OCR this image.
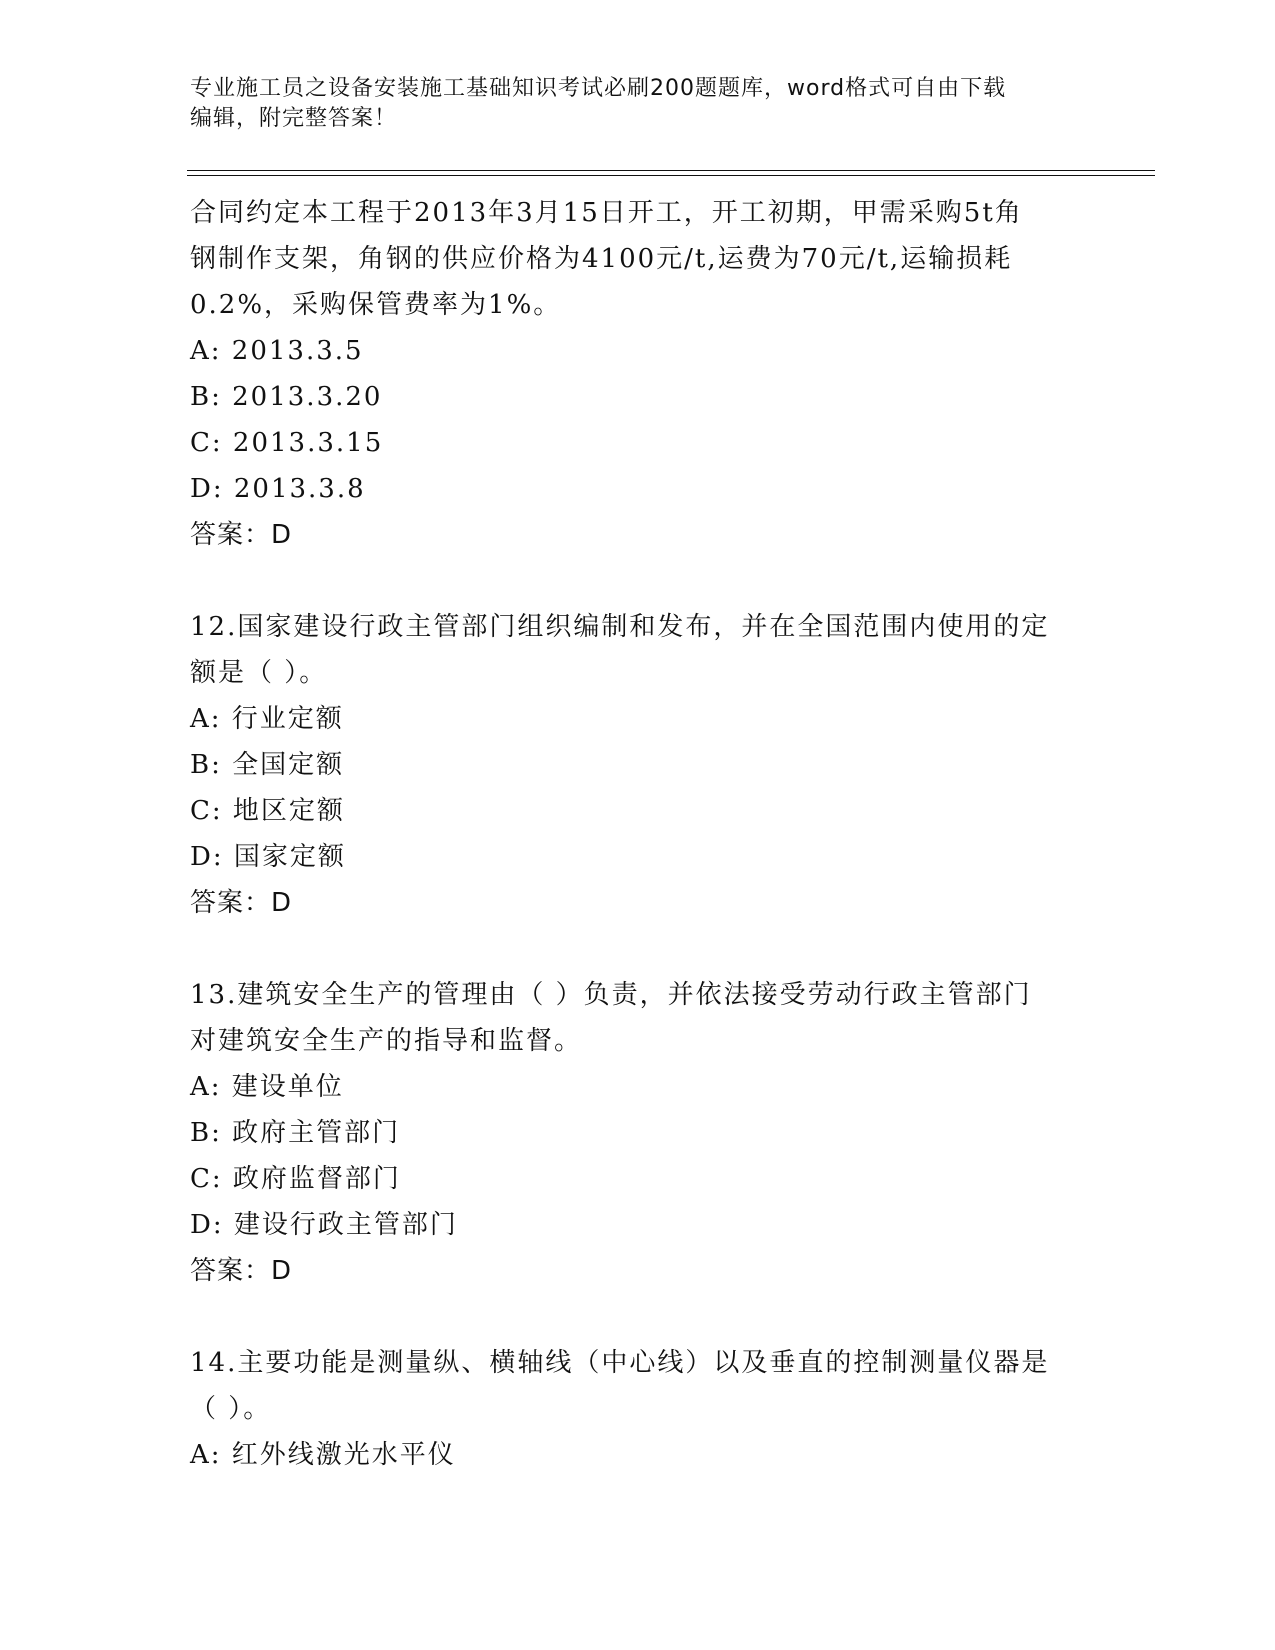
专业施工员之设备安装施工基础知识考试必刷200题题库，word格式可自由下载
编辑，附完整答案！
合同约定本工程于2013年3月15日开工，开工初期，甲需采购5t角
钢制作支架，角钢的供应价格为4100元/t,运费为70元/t,运输损耗
0.2%，采购保管费率为1%。
A: 2013.3.5
B: 2013.3.20
C: 2013.3.15
D: 2013.3.8
答案：D
12.国家建设行政主管部门组织编制和发布，并在全国范围内使用的定
额是（ ）。
A: 行业定额
B: 全国定额
C: 地区定额
D: 国家定额
答案：D
13.建筑安全生产的管理由（ ）负责，并依法接受劳动行政主管部门
对建筑安全生产的指导和监督。
A: 建设单位
B: 政府主管部门
C: 政府监督部门
D: 建设行政主管部门
答案：D
14.主要功能是测量纵、横轴线（中心线）以及垂直的控制测量仪器是
（ ）。
A: 红外线激光水平仪
